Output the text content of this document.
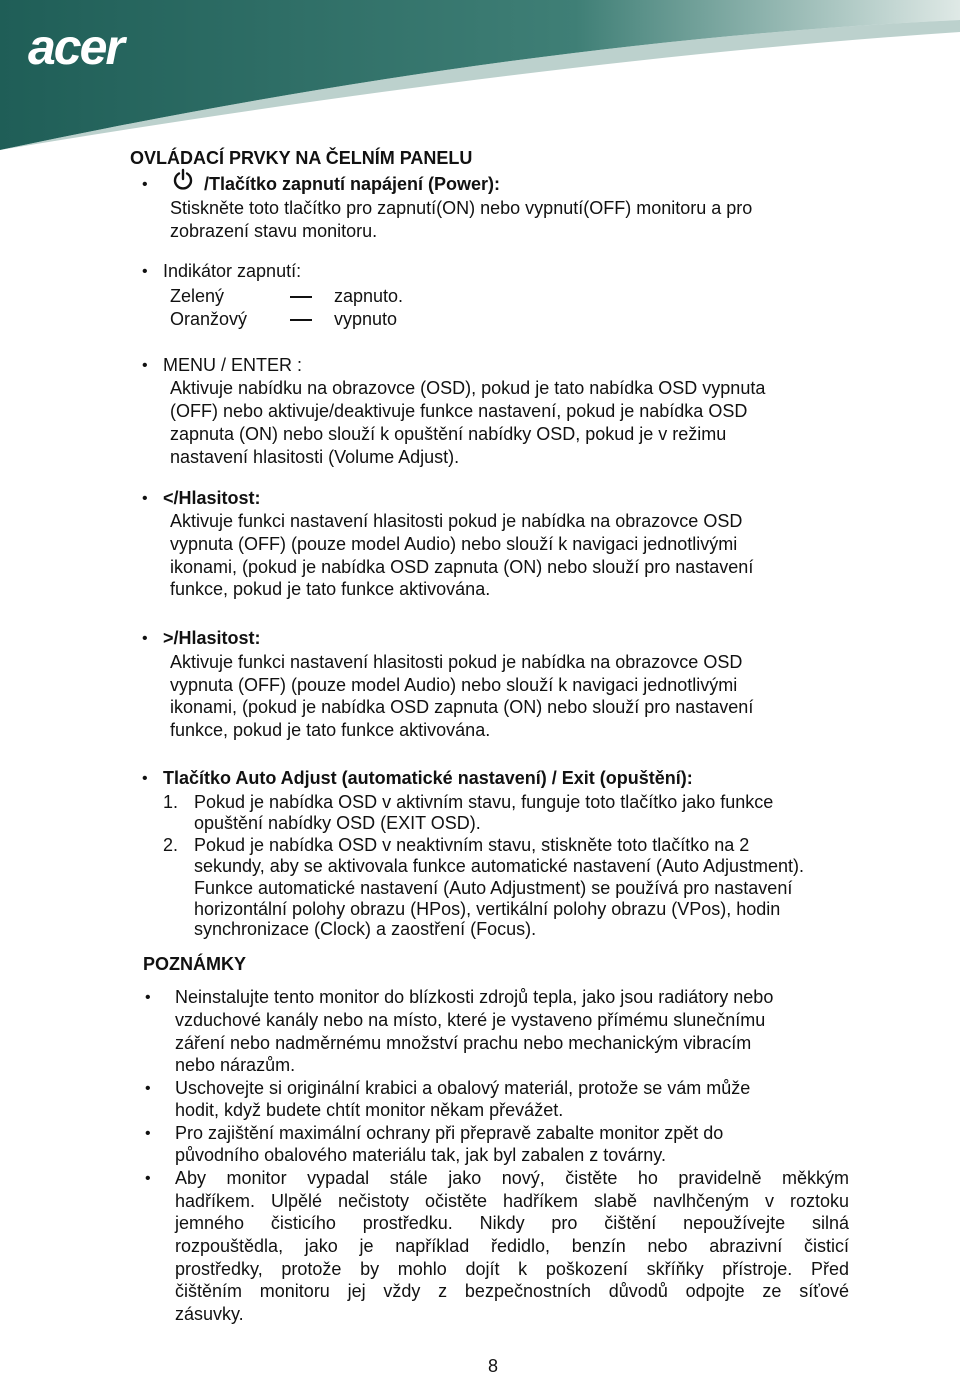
acer
OVLÁDACÍ PRVKY NA ČELNÍM PANELU
•	/Tlačítko zapnutí napájení (Power):
Stiskněte toto tlačítko pro zapnutí(ON) nebo vypnutí(OFF) monitoru a pro
zobrazení stavu monitoru.
• Indikátor zapnutí:
Zelený	zapnuto.
Oranžový	vypnuto
• MENU / ENTER :
Aktivuje nabídku na obrazovce (OSD), pokud je tato nabídka OSD vypnuta
(OFF) nebo aktivuje/deaktivuje funkce nastavení, pokud je nabídka OSD
zapnuta (ON) nebo slouží k opuštění nabídky OSD, pokud je v režimu
nastavení hlasitosti (Volume Adjust).
• </Hlasitost:
Aktivuje funkci nastavení hlasitosti pokud je nabídka na obrazovce OSD
vypnuta (OFF) (pouze model Audio) nebo slouží k navigaci jednotlivými
ikonami, (pokud je nabídka OSD zapnuta (ON) nebo slouží pro nastavení
funkce, pokud je tato funkce aktivována.
• >/Hlasitost:
Aktivuje funkci nastavení hlasitosti pokud je nabídka na obrazovce OSD
vypnuta (OFF) (pouze model Audio) nebo slouží k navigaci jednotlivými
ikonami, (pokud je nabídka OSD zapnuta (ON) nebo slouží pro nastavení
funkce, pokud je tato funkce aktivována.
• Tlačítko Auto Adjust (automatické nastavení) / Exit (opuštění):
1. Pokud je nabídka OSD v aktivním stavu, funguje toto tlačítko jako funkce
opuštění nabídky OSD (EXIT OSD).
2. Pokud je nabídka OSD v neaktivním stavu, stiskněte toto tlačítko na 2
sekundy, aby se aktivovala funkce automatické nastavení (Auto Adjustment).
Funkce automatické nastavení (Auto Adjustment) se používá pro nastavení
horizontální polohy obrazu (HPos), vertikální polohy obrazu (VPos), hodin
synchronizace (Clock) a zaostření (Focus).
POZNÁMKY
• Neinstalujte tento monitor do blízkosti zdrojů tepla, jako jsou radiátory nebo
vzduchové kanály nebo na místo, které je vystaveno přímému slunečnímu
záření nebo nadměrnému množství prachu nebo mechanickým vibracím
nebo nárazům.
• Uschovejte si originální krabici a obalový materiál, protože se vám může
hodit, když budete chtít monitor někam převážet.
• Pro zajištění maximální ochrany při přepravě zabalte monitor zpět do
původního obalového materiálu tak, jak byl zabalen z továrny.
• Aby monitor vypadal stále jako nový, čistěte ho pravidelně měkkým
hadříkem. Ulpělé nečistoty očistěte hadříkem slabě navlhčeným v roztoku
jemného čisticího prostředku. Nikdy pro čištění nepoužívejte silná
rozpouštědla, jako je například ředidlo, benzín nebo abrazivní čisticí
prostředky, protože by mohlo dojít k poškození skříňky přístroje. Před
čištěním monitoru jej vždy z bezpečnostních důvodů odpojte ze síťové
zásuvky.
8
